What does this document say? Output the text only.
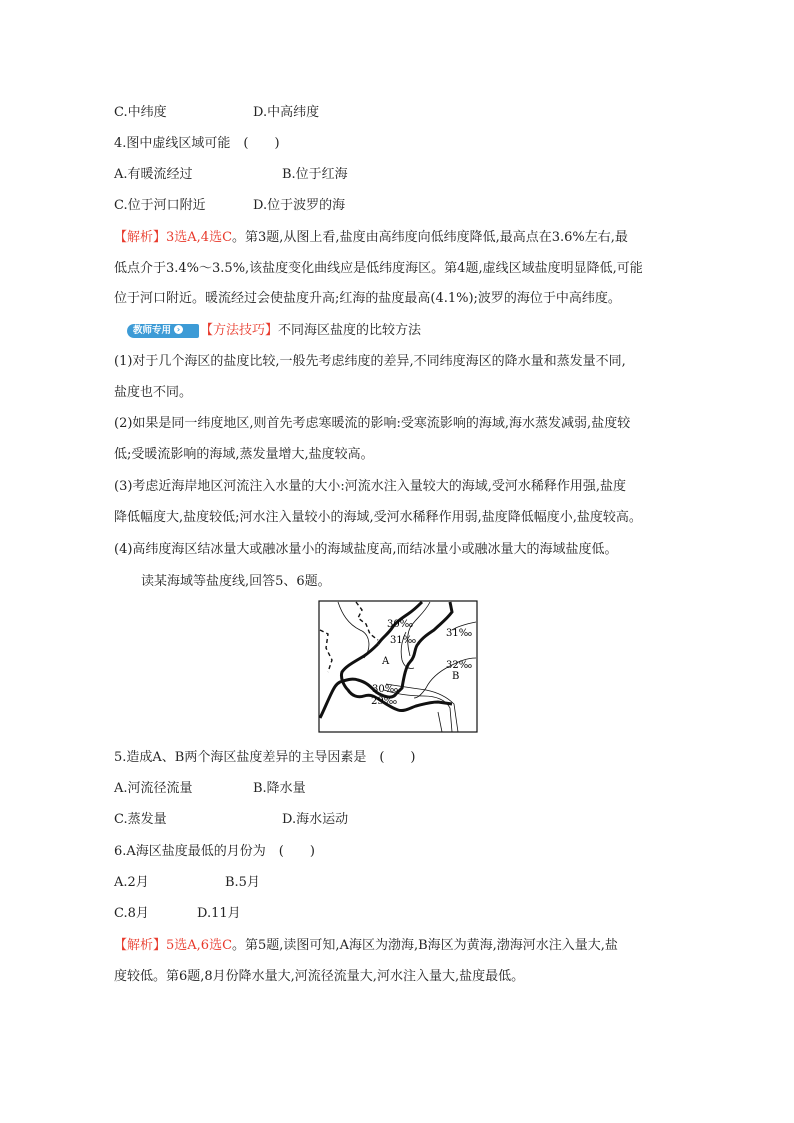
C.中纬度	D.中高纬度
4.图中虚线区域可能　(　　)
A.有暖流经过	B.位于红海
C.位于河口附近	D.位于波罗的海
【解析】3选A,4选C。第3题,从图上看,盐度由高纬度向低纬度降低,最高点在3.6%左右,最
低点介于3.4%～3.5%,该盐度变化曲线应是低纬度海区。第4题,虚线区域盐度明显降低,可能
位于河口附近。暖流经过会使盐度升高;红海的盐度最高(4.1%);波罗的海位于中高纬度。
教师专用 ›	【方法技巧】不同海区盐度的比较方法
(1)对于几个海区的盐度比较,一般先考虑纬度的差异,不同纬度海区的降水量和蒸发量不同,
盐度也不同。
(2)如果是同一纬度地区,则首先考虑寒暖流的影响:受寒流影响的海域,海水蒸发减弱,盐度较
低;受暖流影响的海域,蒸发量增大,盐度较高。
(3)考虑近海岸地区河流注入水量的大小:河流水注入量较大的海域,受河水稀释作用强,盐度
降低幅度大,盐度较低;河水注入量较小的海域,受河水稀释作用弱,盐度降低幅度小,盐度较高。
(4)高纬度海区结冰量大或融冰量小的海域盐度高,而结冰量小或融冰量大的海域盐度低。
读某海域等盐度线,回答5、6题。
30‰
31‰
31‰
32‰
30‰
29‰
A
B
5.造成A、B两个海区盐度差异的主导因素是　(　　)
A.河流径流量	B.降水量
C.蒸发量	D.海水运动
6.A海区盐度最低的月份为　(　　)
A.2月	B.5月
C.8月	D.11月
【解析】5选A,6选C。第5题,读图可知,A海区为渤海,B海区为黄海,渤海河水注入量大,盐
度较低。第6题,8月份降水量大,河流径流量大,河水注入量大,盐度最低。
